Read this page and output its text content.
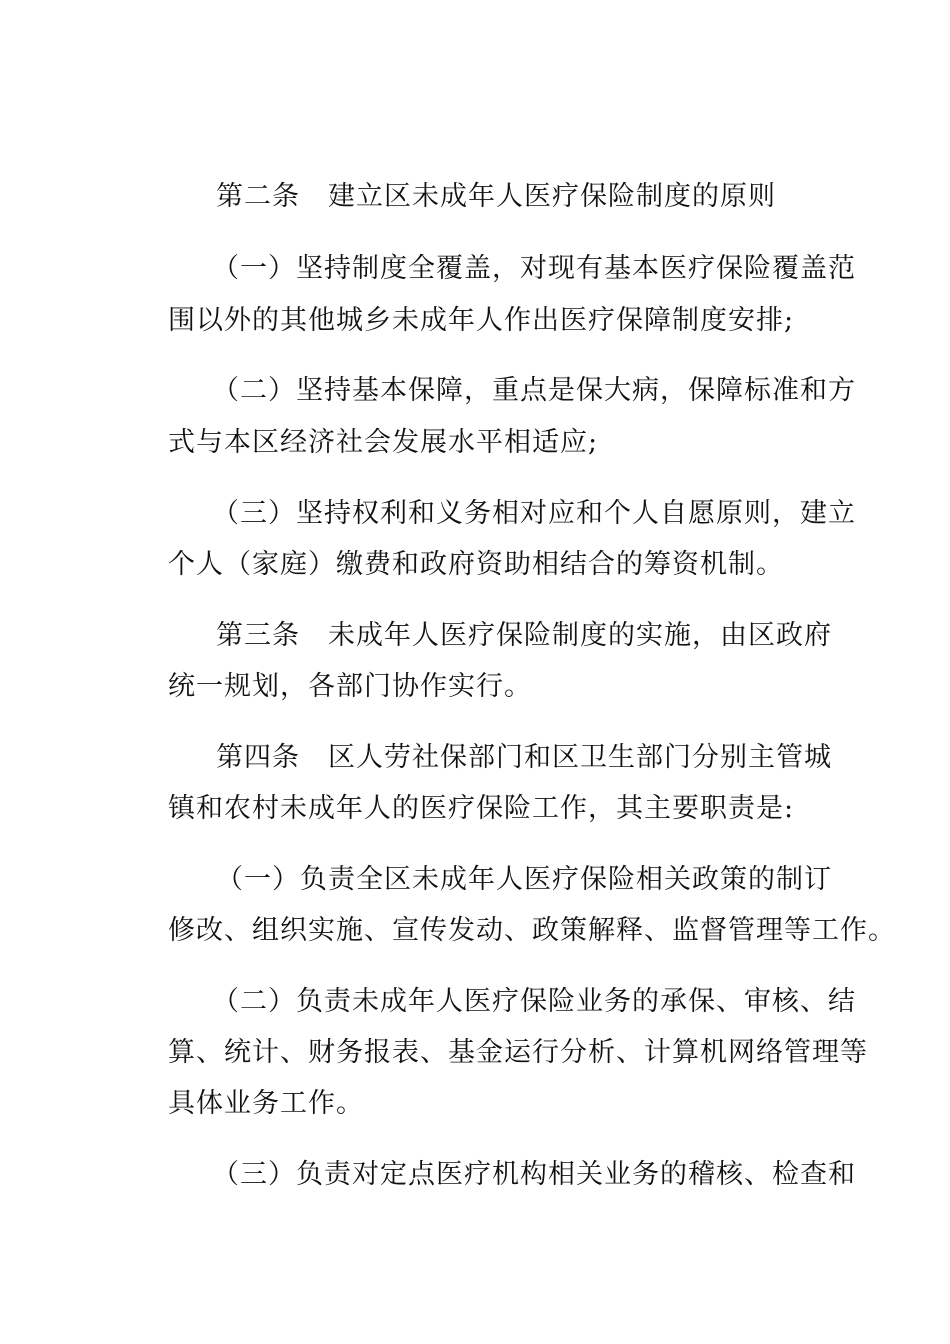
第二条　建立区未成年人医疗保险制度的原则
（一）坚持制度全覆盖，对现有基本医疗保险覆盖范
围以外的其他城乡未成年人作出医疗保障制度安排;
（二）坚持基本保障，重点是保大病，保障标准和方
式与本区经济社会发展水平相适应;
（三）坚持权利和义务相对应和个人自愿原则，建立
个人（家庭）缴费和政府资助相结合的筹资机制。
第三条　未成年人医疗保险制度的实施，由区政府
统一规划，各部门协作实行。
第四条　区人劳社保部门和区卫生部门分别主管城
镇和农村未成年人的医疗保险工作，其主要职责是:
（一）负责全区未成年人医疗保险相关政策的制订
修改、组织实施、宣传发动、政策解释、监督管理等工作。
（二）负责未成年人医疗保险业务的承保、审核、结
算、统计、财务报表、基金运行分析、计算机网络管理等
具体业务工作。
（三）负责对定点医疗机构相关业务的稽核、检查和
